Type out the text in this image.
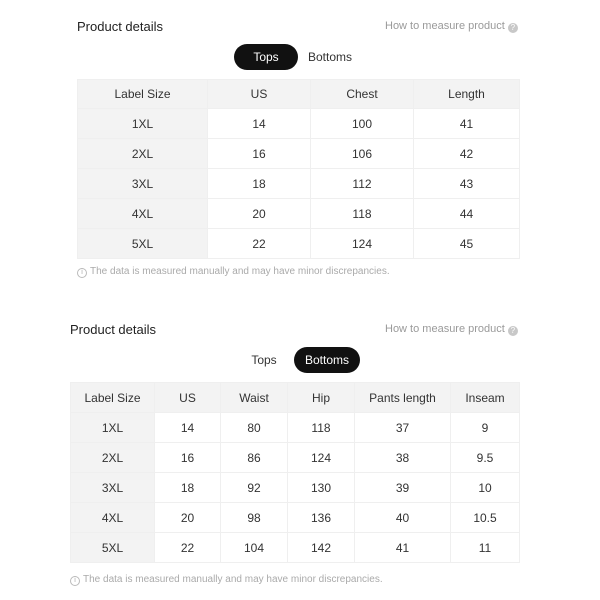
Product details	How to measure product ?
Tops	Bottoms
Label Size	US	Chest	Length
1XL	14	100	41
2XL	16	106	42
3XL	18	112	43
4XL	20	118	44
5XL	22	124	45
i The data is measured manually and may have minor discrepancies.
Product details	How to measure product ?
Tops	Bottoms
Label Size	US	Waist	Hip	Pants length	Inseam
1XL	14	80	118	37	9
2XL	16	86	124	38	9.5
3XL	18	92	130	39	10
4XL	20	98	136	40	10.5
5XL	22	104	142	41	11
i The data is measured manually and may have minor discrepancies.
